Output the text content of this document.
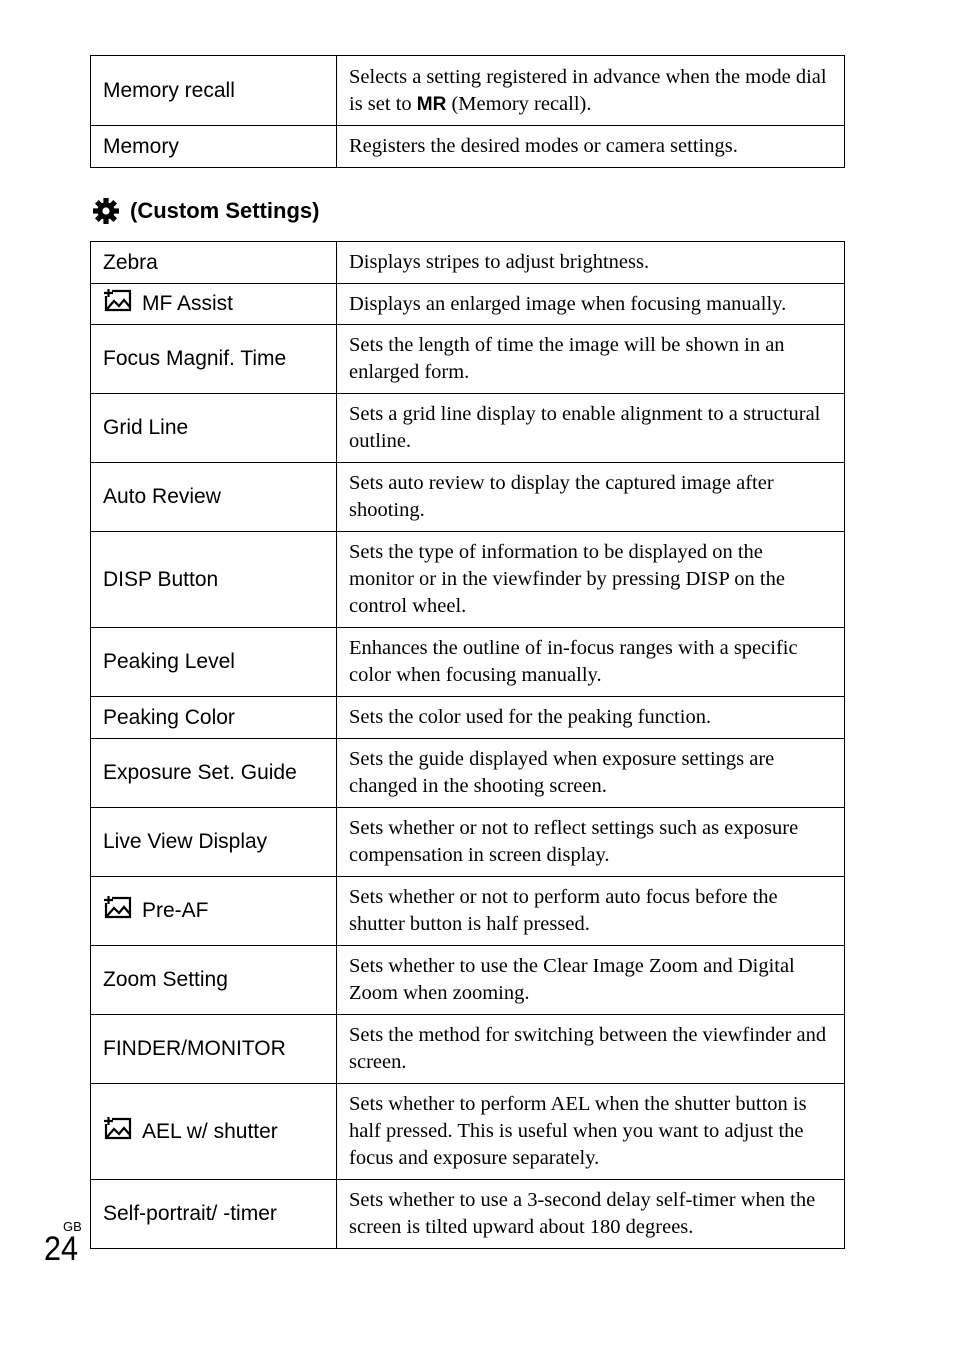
Memory recall	Selects a setting registered in advance when the mode dial is set to MR (Memory recall).
Memory	Registers the desired modes or camera settings.
(Custom Settings)
Zebra	Displays stripes to adjust brightness.
MF Assist	Displays an enlarged image when focusing manually.
Focus Magnif. Time	Sets the length of time the image will be shown in an enlarged form.
Grid Line	Sets a grid line display to enable alignment to a structural outline.
Auto Review	Sets auto review to display the captured image after shooting.
DISP Button	Sets the type of information to be displayed on the monitor or in the viewfinder by pressing DISP on the control wheel.
Peaking Level	Enhances the outline of in-focus ranges with a specific color when focusing manually.
Peaking Color	Sets the color used for the peaking function.
Exposure Set. Guide	Sets the guide displayed when exposure settings are changed in the shooting screen.
Live View Display	Sets whether or not to reflect settings such as exposure compensation in screen display.
Pre-AF	Sets whether or not to perform auto focus before the shutter button is half pressed.
Zoom Setting	Sets whether to use the Clear Image Zoom and Digital Zoom when zooming.
FINDER/MONITOR	Sets the method for switching between the viewfinder and screen.
AEL w/ shutter	Sets whether to perform AEL when the shutter button is half pressed. This is useful when you want to adjust the focus and exposure separately.
Self-portrait/ -timer	Sets whether to use a 3-second delay self-timer when the screen is tilted upward about 180 degrees.
GB
24
